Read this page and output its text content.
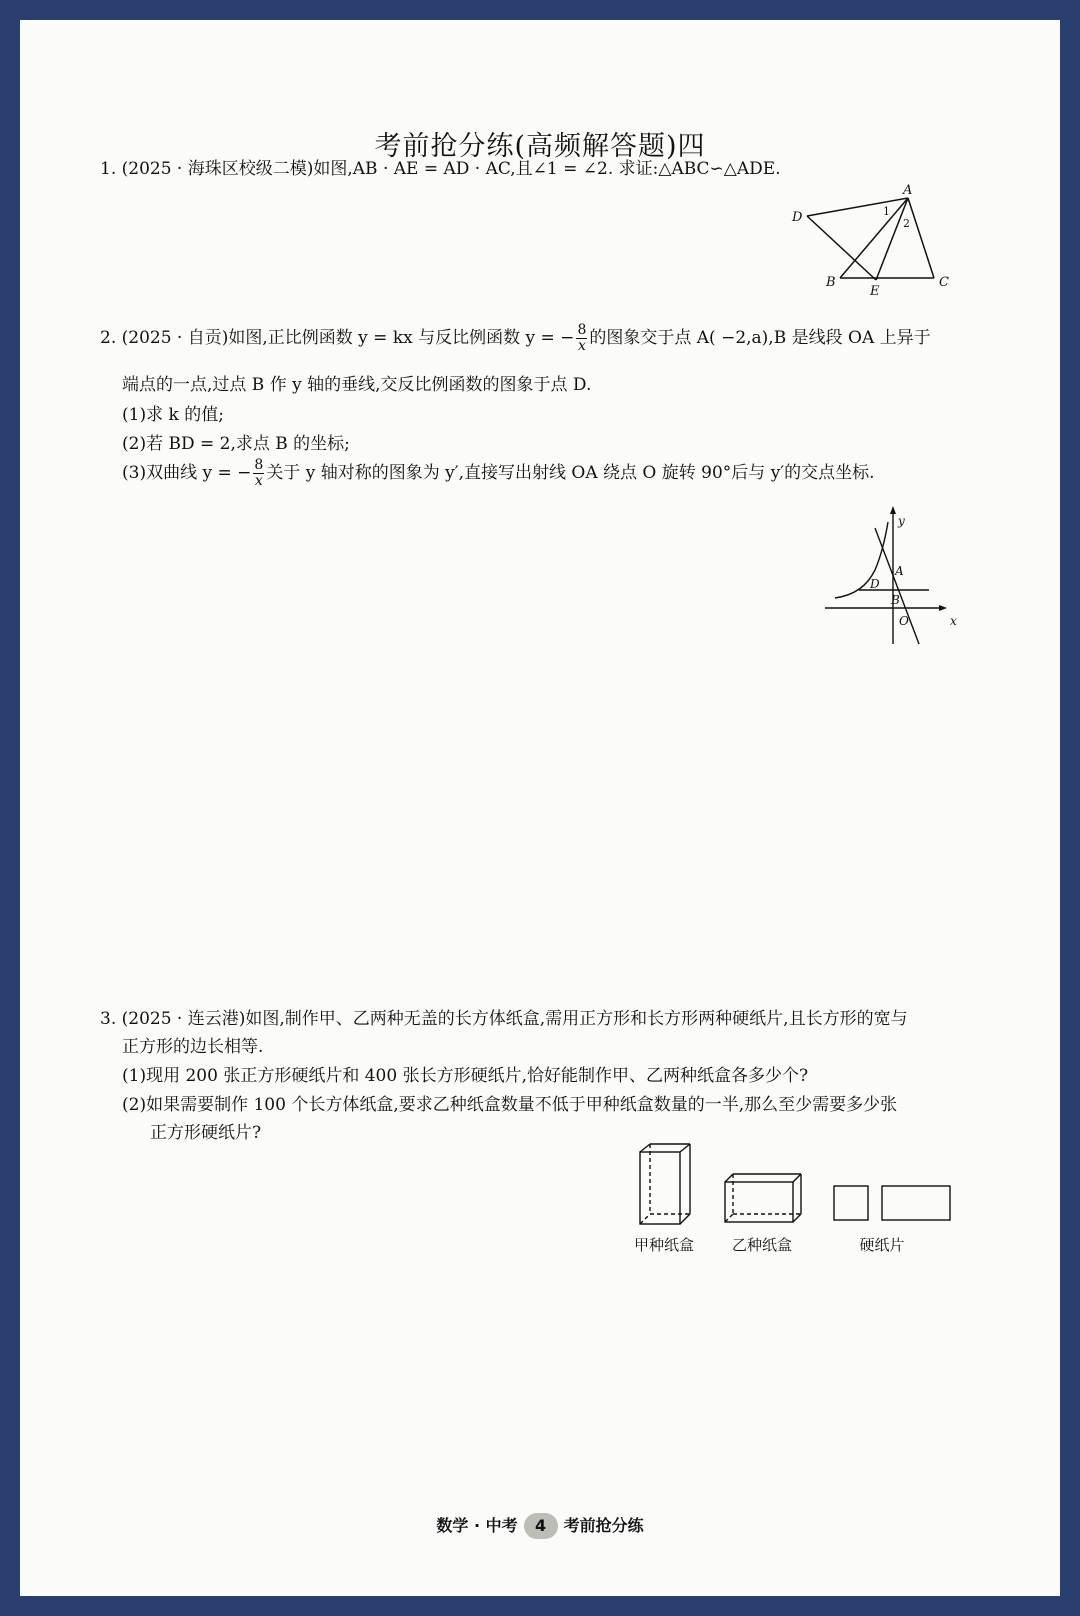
考前抢分练(高频解答题)四
1. (2025 · 海珠区校级二模)如图,AB · AE = AD · AC,且∠1 = ∠2. 求证:△ABC∽△ADE.
A
D
B
E
C
1
2
2. (2025 · 自贡)如图,正比例函数 y = kx 与反比例函数 y = − $\frac{8}{x}$ 的图象交于点 A( −2,a),B 是线段 OA 上异于
端点的一点,过点 B 作 y 轴的垂线,交反比例函数的图象于点 D.
(1)求 k 的值;
(2)若 BD = 2,求点 B 的坐标;
(3)双曲线 y = − $\frac{8}{x}$ 关于 y 轴对称的图象为 y′,直接写出射线 OA 绕点 O 旋转 90°后与 y′的交点坐标.
y
x
O
A
B
D
3. (2025 · 连云港)如图,制作甲、乙两种无盖的长方体纸盒,需用正方形和长方形两种硬纸片,且长方形的宽与
正方形的边长相等.
(1)现用 200 张正方形硬纸片和 400 张长方形硬纸片,恰好能制作甲、乙两种纸盒各多少个?
(2)如果需要制作 100 个长方体纸盒,要求乙种纸盒数量不低于甲种纸盒数量的一半,那么至少需要多少张
正方形硬纸片?
甲种纸盒	乙种纸盒	硬纸片
数学 · 中考 4 考前抢分练
